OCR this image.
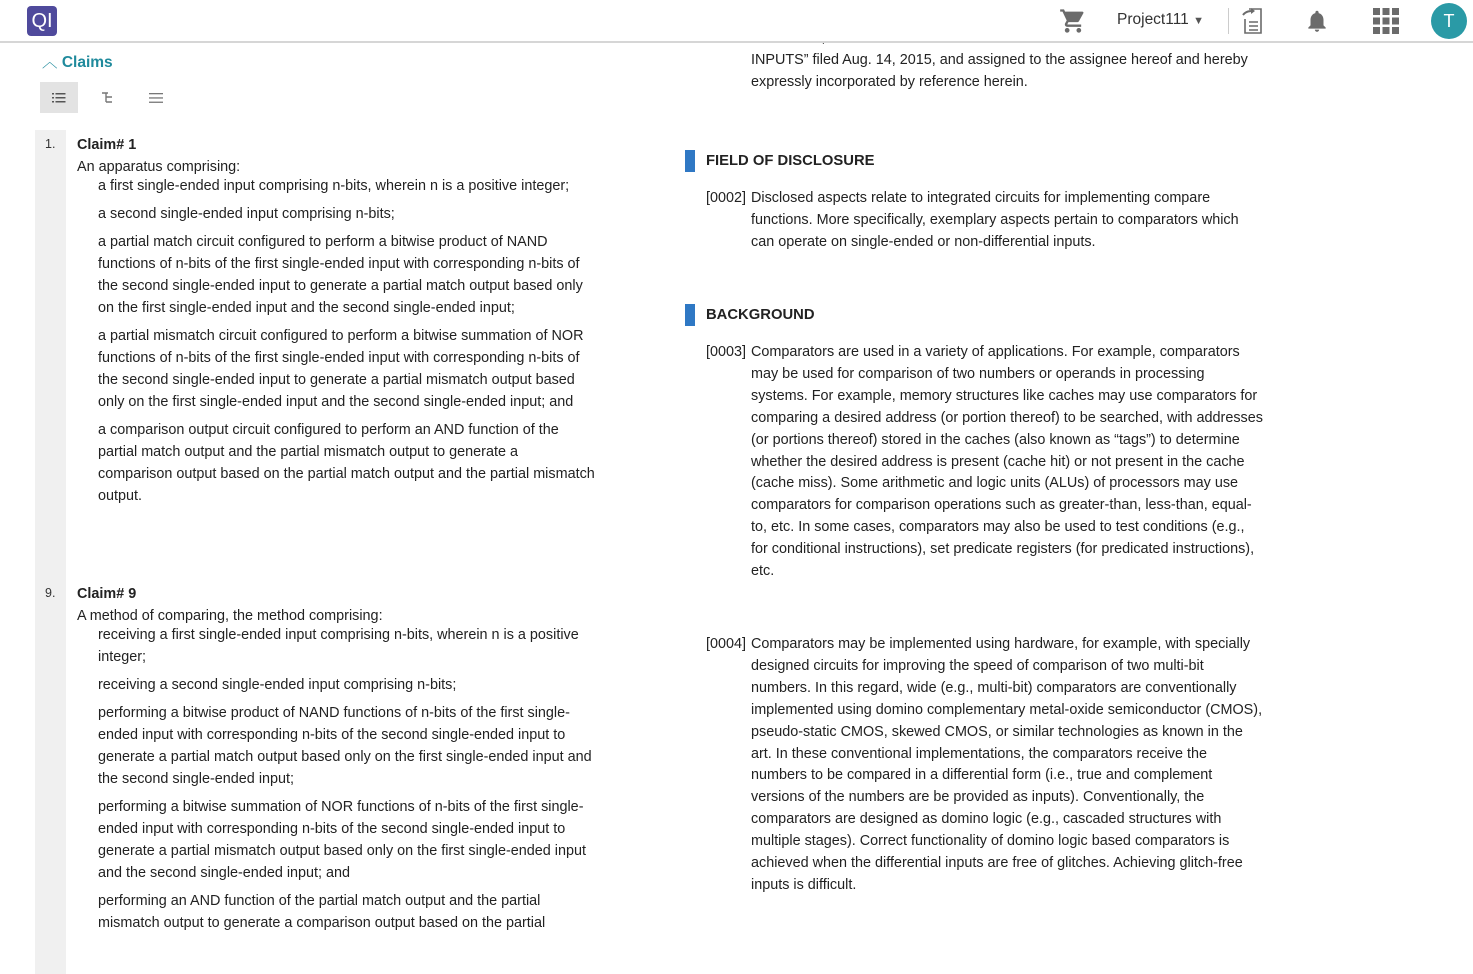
QI	Project111 ▼	T
︿ Claims
1. Claim# 1
An apparatus comprising:
a first single-ended input comprising n-bits, wherein n is a positive integer;
a second single-ended input comprising n-bits;
a partial match circuit configured to perform a bitwise product of NAND functions of n-bits of the first single-ended input with corresponding n-bits of the second single-ended input to generate a partial match output based only on the first single-ended input and the second single-ended input;
a partial mismatch circuit configured to perform a bitwise summation of NOR functions of n-bits of the first single-ended input with corresponding n-bits of the second single-ended input to generate a partial mismatch output based only on the first single-ended input and the second single-ended input; and
a comparison output circuit configured to perform an AND function of the partial match output and the partial mismatch output to generate a comparison output based on the partial match output and the partial mismatch output.
9. Claim# 9
A method of comparing, the method comprising:
receiving a first single-ended input comprising n-bits, wherein n is a positive integer;
receiving a second single-ended input comprising n-bits;
performing a bitwise product of NAND functions of n-bits of the first single-ended input with corresponding n-bits of the second single-ended input to generate a partial match output based only on the first single-ended input and the second single-ended input;
performing a bitwise summation of NOR functions of n-bits of the first single-ended input with corresponding n-bits of the second single-ended input to generate a partial mismatch output based only on the first single-ended input and the second single-ended input; and
performing an AND function of the partial match output and the partial mismatch output to generate a comparison output based on the partial
INPUTS” filed Aug. 14, 2015, and assigned to the assignee hereof and hereby expressly incorporated by reference herein.
FIELD OF DISCLOSURE
[0002] Disclosed aspects relate to integrated circuits for implementing compare functions. More specifically, exemplary aspects pertain to comparators which can operate on single-ended or non-differential inputs.
BACKGROUND
[0003] Comparators are used in a variety of applications. For example, comparators may be used for comparison of two numbers or operands in processing systems. For example, memory structures like caches may use comparators for comparing a desired address (or portion thereof) to be searched, with addresses (or portions thereof) stored in the caches (also known as “tags”) to determine whether the desired address is present (cache hit) or not present in the cache (cache miss). Some arithmetic and logic units (ALUs) of processors may use comparators for comparison operations such as greater-than, less-than, equal-to, etc. In some cases, comparators may also be used to test conditions (e.g., for conditional instructions), set predicate registers (for predicated instructions), etc.
[0004] Comparators may be implemented using hardware, for example, with specially designed circuits for improving the speed of comparison of two multi-bit numbers. In this regard, wide (e.g., multi-bit) comparators are conventionally implemented using domino complementary metal-oxide semiconductor (CMOS), pseudo-static CMOS, skewed CMOS, or similar technologies as known in the art. In these conventional implementations, the comparators receive the numbers to be compared in a differential form (i.e., true and complement versions of the numbers are be provided as inputs). Conventionally, the comparators are designed as domino logic (e.g., cascaded structures with multiple stages). Correct functionality of domino logic based comparators is achieved when the differential inputs are free of glitches. Achieving glitch-free inputs is difficult.
